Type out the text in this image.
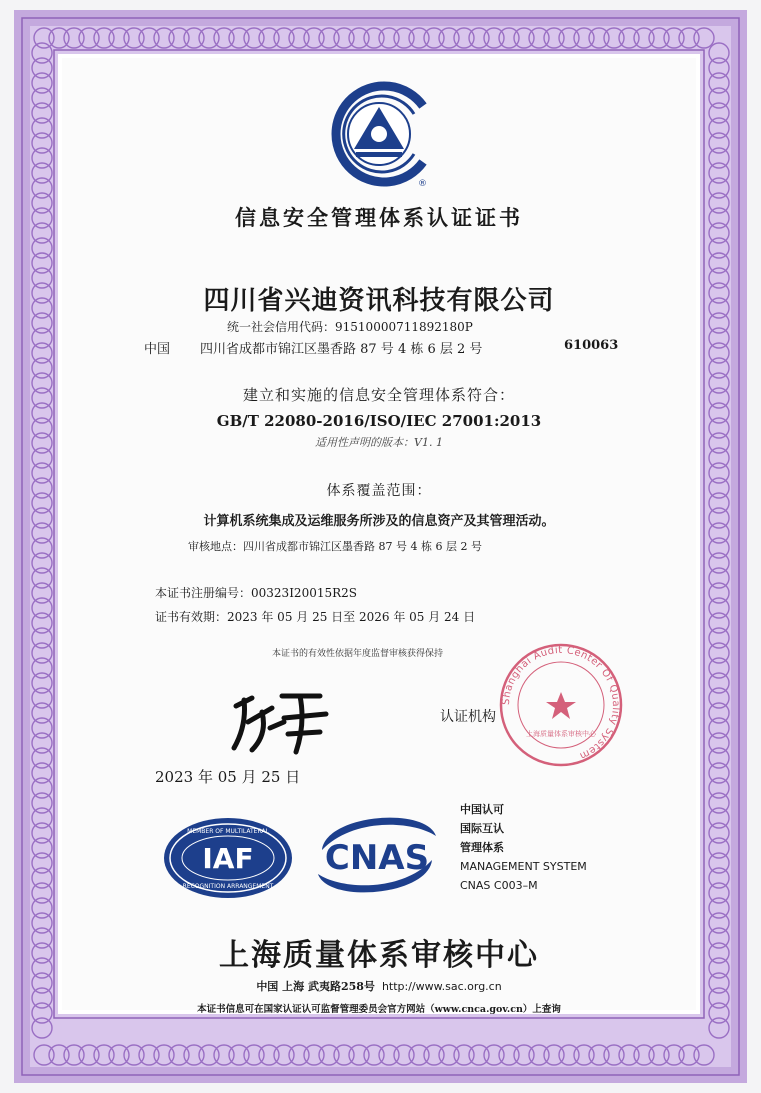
®
信息安全管理体系认证证书
四川省兴迪资讯科技有限公司
统一社会信用代码：91510000711892180P
中国 四川省成都市锦江区墨香路 87 号 4 栋 6 层 2 号	610063
建立和实施的信息安全管理体系符合：
GB/T 22080-2016/ISO/IEC 27001:2013
适用性声明的版本：V1. 1
体系覆盖范围：
计算机系统集成及运维服务所涉及的信息资产及其管理活动。
审核地点：四川省成都市锦江区墨香路 87 号 4 栋 6 层 2 号
本证书注册编号：00323I20015R2S
证书有效期：2023 年 05 月 25 日至 2026 年 05 月 24 日
本证书的有效性依据年度监督审核获得保持
傅平
认证机构
2023 年 05 月 25 日
Shanghai Audit Center Of Quality System
上海质量体系审核中心
MEMBER OF MULTILATERAL
IAF
RECOGNITION ARRANGEMENT
CNAS
中国认可
国际互认
管理体系
MANAGEMENT SYSTEM
CNAS C003–M
上海质量体系审核中心
中国 上海 武夷路258号 http://www.sac.org.cn
本证书信息可在国家认证认可监督管理委员会官方网站（www.cnca.gov.cn）上查询
